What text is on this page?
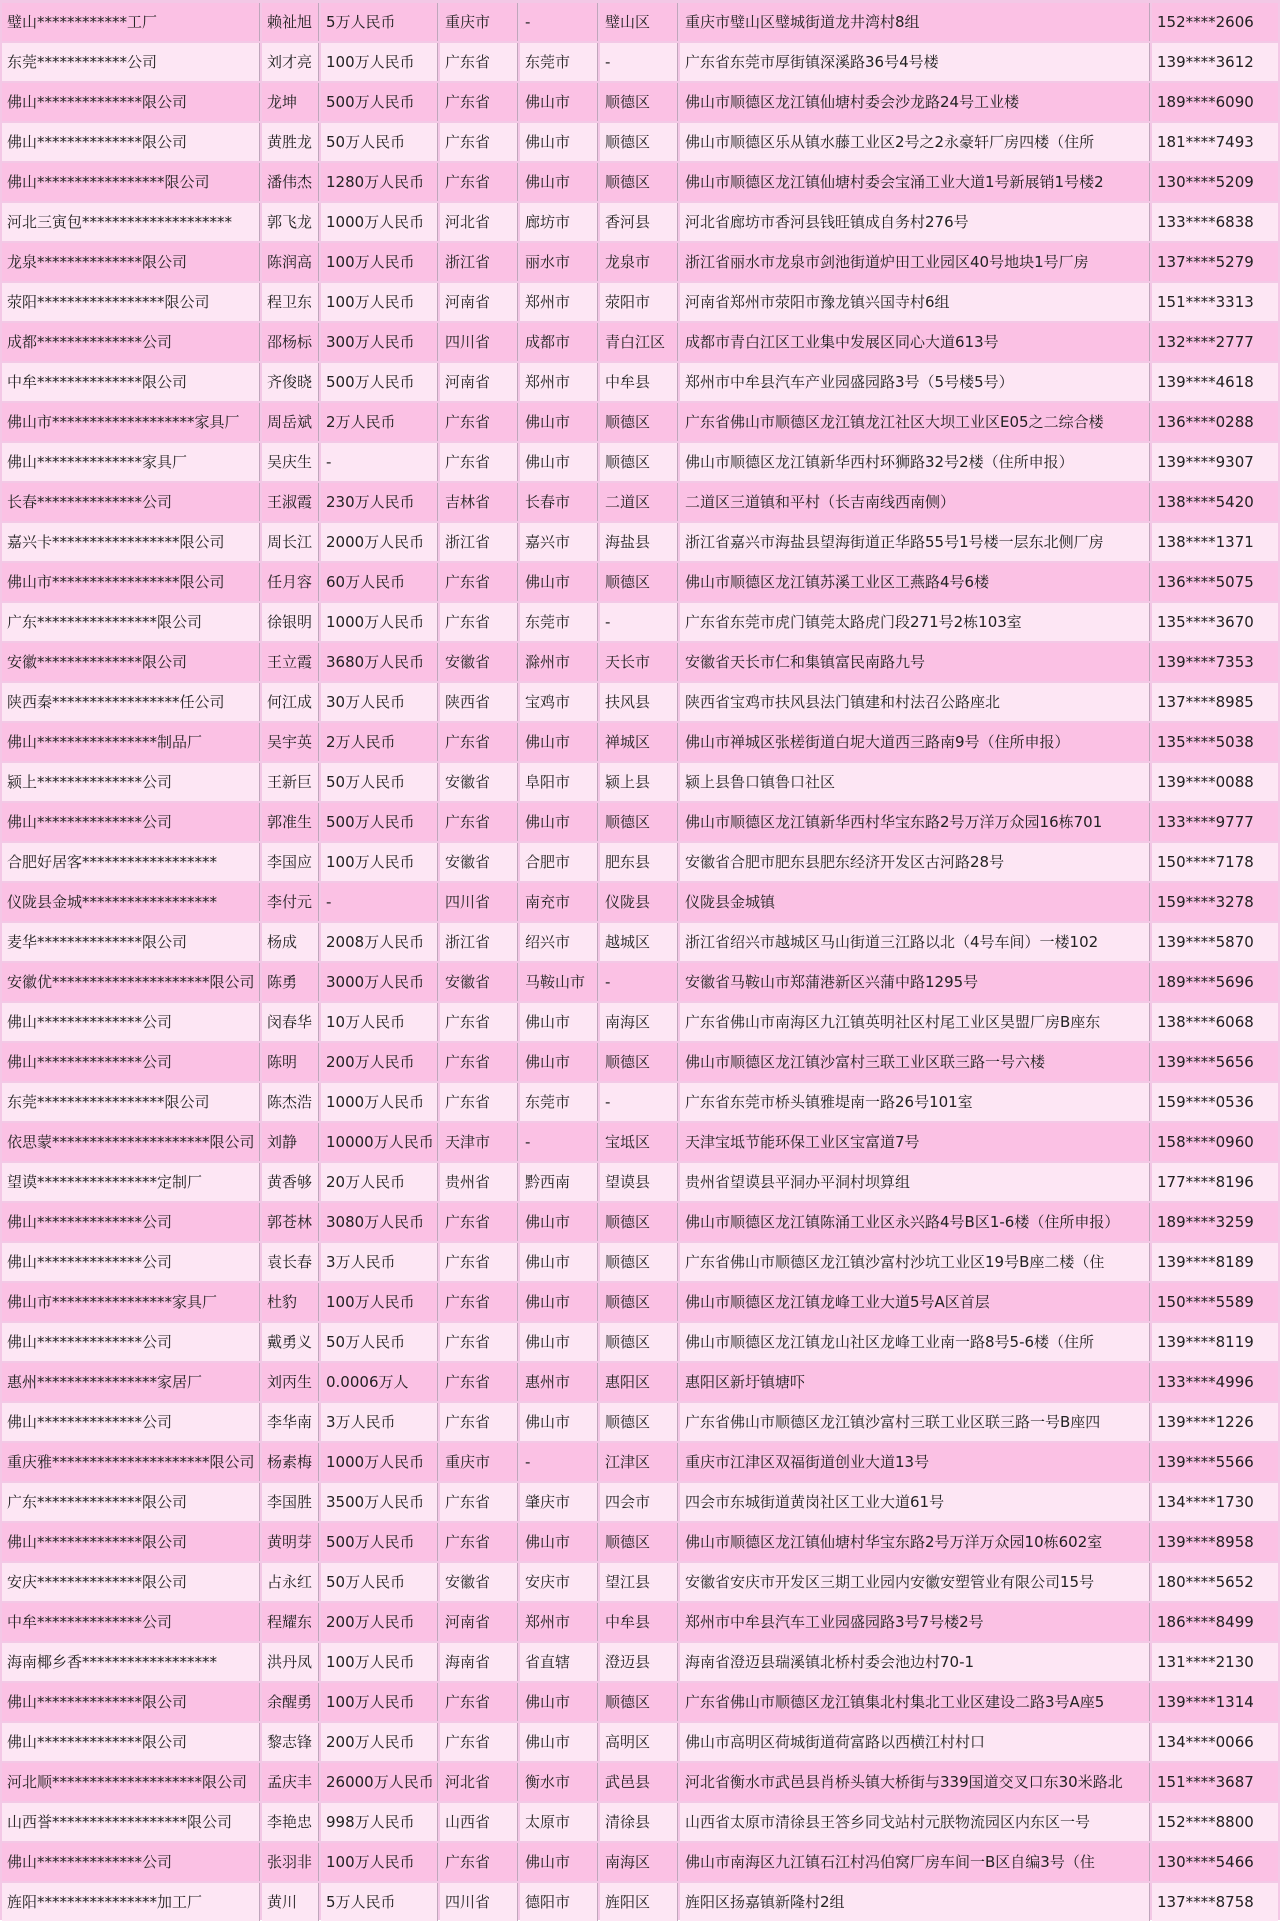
璧山************工厂	赖祉旭	5万人民币	重庆市	-	璧山区	重庆市璧山区璧城街道龙井湾村8组	152****2606
东莞************公司	刘才亮	100万人民币	广东省	东莞市	-	广东省东莞市厚街镇深溪路36号4号楼	139****3612
佛山**************限公司	龙坤	500万人民币	广东省	佛山市	顺德区	佛山市顺德区龙江镇仙塘村委会沙龙路24号工业楼	189****6090
佛山**************限公司	黄胜龙	50万人民币	广东省	佛山市	顺德区	佛山市顺德区乐从镇水藤工业区2号之2永豪轩厂房四楼（住所	181****7493
佛山*****************限公司	潘伟杰	1280万人民币	广东省	佛山市	顺德区	佛山市顺德区龙江镇仙塘村委会宝涌工业大道1号新展销1号楼2	130****5209
河北三寅包********************	郭飞龙	1000万人民币	河北省	廊坊市	香河县	河北省廊坊市香河县钱旺镇成自务村276号	133****6838
龙泉**************限公司	陈润高	100万人民币	浙江省	丽水市	龙泉市	浙江省丽水市龙泉市剑池街道炉田工业园区40号地块1号厂房	137****5279
荥阳*****************限公司	程卫东	100万人民币	河南省	郑州市	荥阳市	河南省郑州市荥阳市豫龙镇兴国寺村6组	151****3313
成都**************公司	邵杨标	300万人民币	四川省	成都市	青白江区	成都市青白江区工业集中发展区同心大道613号	132****2777
中牟**************限公司	齐俊晓	500万人民币	河南省	郑州市	中牟县	郑州市中牟县汽车产业园盛园路3号（5号楼5号）	139****4618
佛山市*******************家具厂	周岳斌	2万人民币	广东省	佛山市	顺德区	广东省佛山市顺德区龙江镇龙江社区大坝工业区E05之二综合楼	136****0288
佛山**************家具厂	吴庆生	-	广东省	佛山市	顺德区	佛山市顺德区龙江镇新华西村环狮路32号2楼（住所申报）	139****9307
长春**************公司	王淑霞	230万人民币	吉林省	长春市	二道区	二道区三道镇和平村（长吉南线西南侧）	138****5420
嘉兴卡*****************限公司	周长江	2000万人民币	浙江省	嘉兴市	海盐县	浙江省嘉兴市海盐县望海街道正华路55号1号楼一层东北侧厂房	138****1371
佛山市*****************限公司	任月容	60万人民币	广东省	佛山市	顺德区	佛山市顺德区龙江镇苏溪工业区工燕路4号6楼	136****5075
广东****************限公司	徐银明	1000万人民币	广东省	东莞市	-	广东省东莞市虎门镇莞太路虎门段271号2栋103室	135****3670
安徽**************限公司	王立霞	3680万人民币	安徽省	滁州市	天长市	安徽省天长市仁和集镇富民南路九号	139****7353
陕西秦*****************任公司	何江成	30万人民币	陕西省	宝鸡市	扶风县	陕西省宝鸡市扶风县法门镇建和村法召公路座北	137****8985
佛山****************制品厂	吴宇英	2万人民币	广东省	佛山市	禅城区	佛山市禅城区张槎街道白坭大道西三路南9号（住所申报）	135****5038
颍上**************公司	王新巨	50万人民币	安徽省	阜阳市	颍上县	颍上县鲁口镇鲁口社区	139****0088
佛山**************公司	郭准生	500万人民币	广东省	佛山市	顺德区	佛山市顺德区龙江镇新华西村华宝东路2号万洋万众园16栋701	133****9777
合肥好居客******************	李国应	100万人民币	安徽省	合肥市	肥东县	安徽省合肥市肥东县肥东经济开发区古河路28号	150****7178
仪陇县金城******************	李付元	-	四川省	南充市	仪陇县	仪陇县金城镇	159****3278
麦华**************限公司	杨成	2008万人民币	浙江省	绍兴市	越城区	浙江省绍兴市越城区马山街道三江路以北（4号车间）一楼102	139****5870
安徽优*********************限公司	陈勇	3000万人民币	安徽省	马鞍山市	-	安徽省马鞍山市郑蒲港新区兴蒲中路1295号	189****5696
佛山**************公司	闵春华	10万人民币	广东省	佛山市	南海区	广东省佛山市南海区九江镇英明社区村尾工业区昊盟厂房B座东	138****6068
佛山**************公司	陈明	200万人民币	广东省	佛山市	顺德区	佛山市顺德区龙江镇沙富村三联工业区联三路一号六楼	139****5656
东莞*****************限公司	陈杰浩	1000万人民币	广东省	东莞市	-	广东省东莞市桥头镇雅堤南一路26号101室	159****0536
依思蒙*********************限公司	刘静	10000万人民币	天津市	-	宝坻区	天津宝坻节能环保工业区宝富道7号	158****0960
望谟****************定制厂	黄香够	20万人民币	贵州省	黔西南	望谟县	贵州省望谟县平洞办平洞村坝算组	177****8196
佛山**************公司	郭苍林	3080万人民币	广东省	佛山市	顺德区	佛山市顺德区龙江镇陈涌工业区永兴路4号B区1-6楼（住所申报）	189****3259
佛山**************公司	袁长春	3万人民币	广东省	佛山市	顺德区	广东省佛山市顺德区龙江镇沙富村沙坑工业区19号B座二楼（住	139****8189
佛山市****************家具厂	杜豹	100万人民币	广东省	佛山市	顺德区	佛山市顺德区龙江镇龙峰工业大道5号A区首层	150****5589
佛山**************公司	戴勇义	50万人民币	广东省	佛山市	顺德区	佛山市顺德区龙江镇龙山社区龙峰工业南一路8号5-6楼（住所	139****8119
惠州****************家居厂	刘丙生	0.0006万人	广东省	惠州市	惠阳区	惠阳区新圩镇塘吓	133****4996
佛山**************公司	李华南	3万人民币	广东省	佛山市	顺德区	广东省佛山市顺德区龙江镇沙富村三联工业区联三路一号B座四	139****1226
重庆雅*********************限公司	杨素梅	1000万人民币	重庆市	-	江津区	重庆市江津区双福街道创业大道13号	139****5566
广东**************限公司	李国胜	3500万人民币	广东省	肇庆市	四会市	四会市东城街道黄岗社区工业大道61号	134****1730
佛山**************限公司	黄明芽	500万人民币	广东省	佛山市	顺德区	佛山市顺德区龙江镇仙塘村华宝东路2号万洋万众园10栋602室	139****8958
安庆**************限公司	占永红	50万人民币	安徽省	安庆市	望江县	安徽省安庆市开发区三期工业园内安徽安塑管业有限公司15号	180****5652
中牟**************公司	程耀东	200万人民币	河南省	郑州市	中牟县	郑州市中牟县汽车工业园盛园路3号7号楼2号	186****8499
海南椰乡香******************	洪丹凤	100万人民币	海南省	省直辖	澄迈县	海南省澄迈县瑞溪镇北桥村委会池边村70-1	131****2130
佛山**************限公司	余醒勇	100万人民币	广东省	佛山市	顺德区	广东省佛山市顺德区龙江镇集北村集北工业区建设二路3号A座5	139****1314
佛山**************限公司	黎志锋	200万人民币	广东省	佛山市	高明区	佛山市高明区荷城街道荷富路以西横江村村口	134****0066
河北顺********************限公司	孟庆丰	26000万人民币	河北省	衡水市	武邑县	河北省衡水市武邑县肖桥头镇大桥街与339国道交叉口东30米路北	151****3687
山西誉******************限公司	李艳忠	998万人民币	山西省	太原市	清徐县	山西省太原市清徐县王答乡同戈站村元朕物流园区内东区一号	152****8800
佛山**************公司	张羽非	100万人民币	广东省	佛山市	南海区	佛山市南海区九江镇石江村冯伯窝厂房车间一B区自编3号（住	130****5466
旌阳****************加工厂	黄川	5万人民币	四川省	德阳市	旌阳区	旌阳区扬嘉镇新隆村2组	137****8758
